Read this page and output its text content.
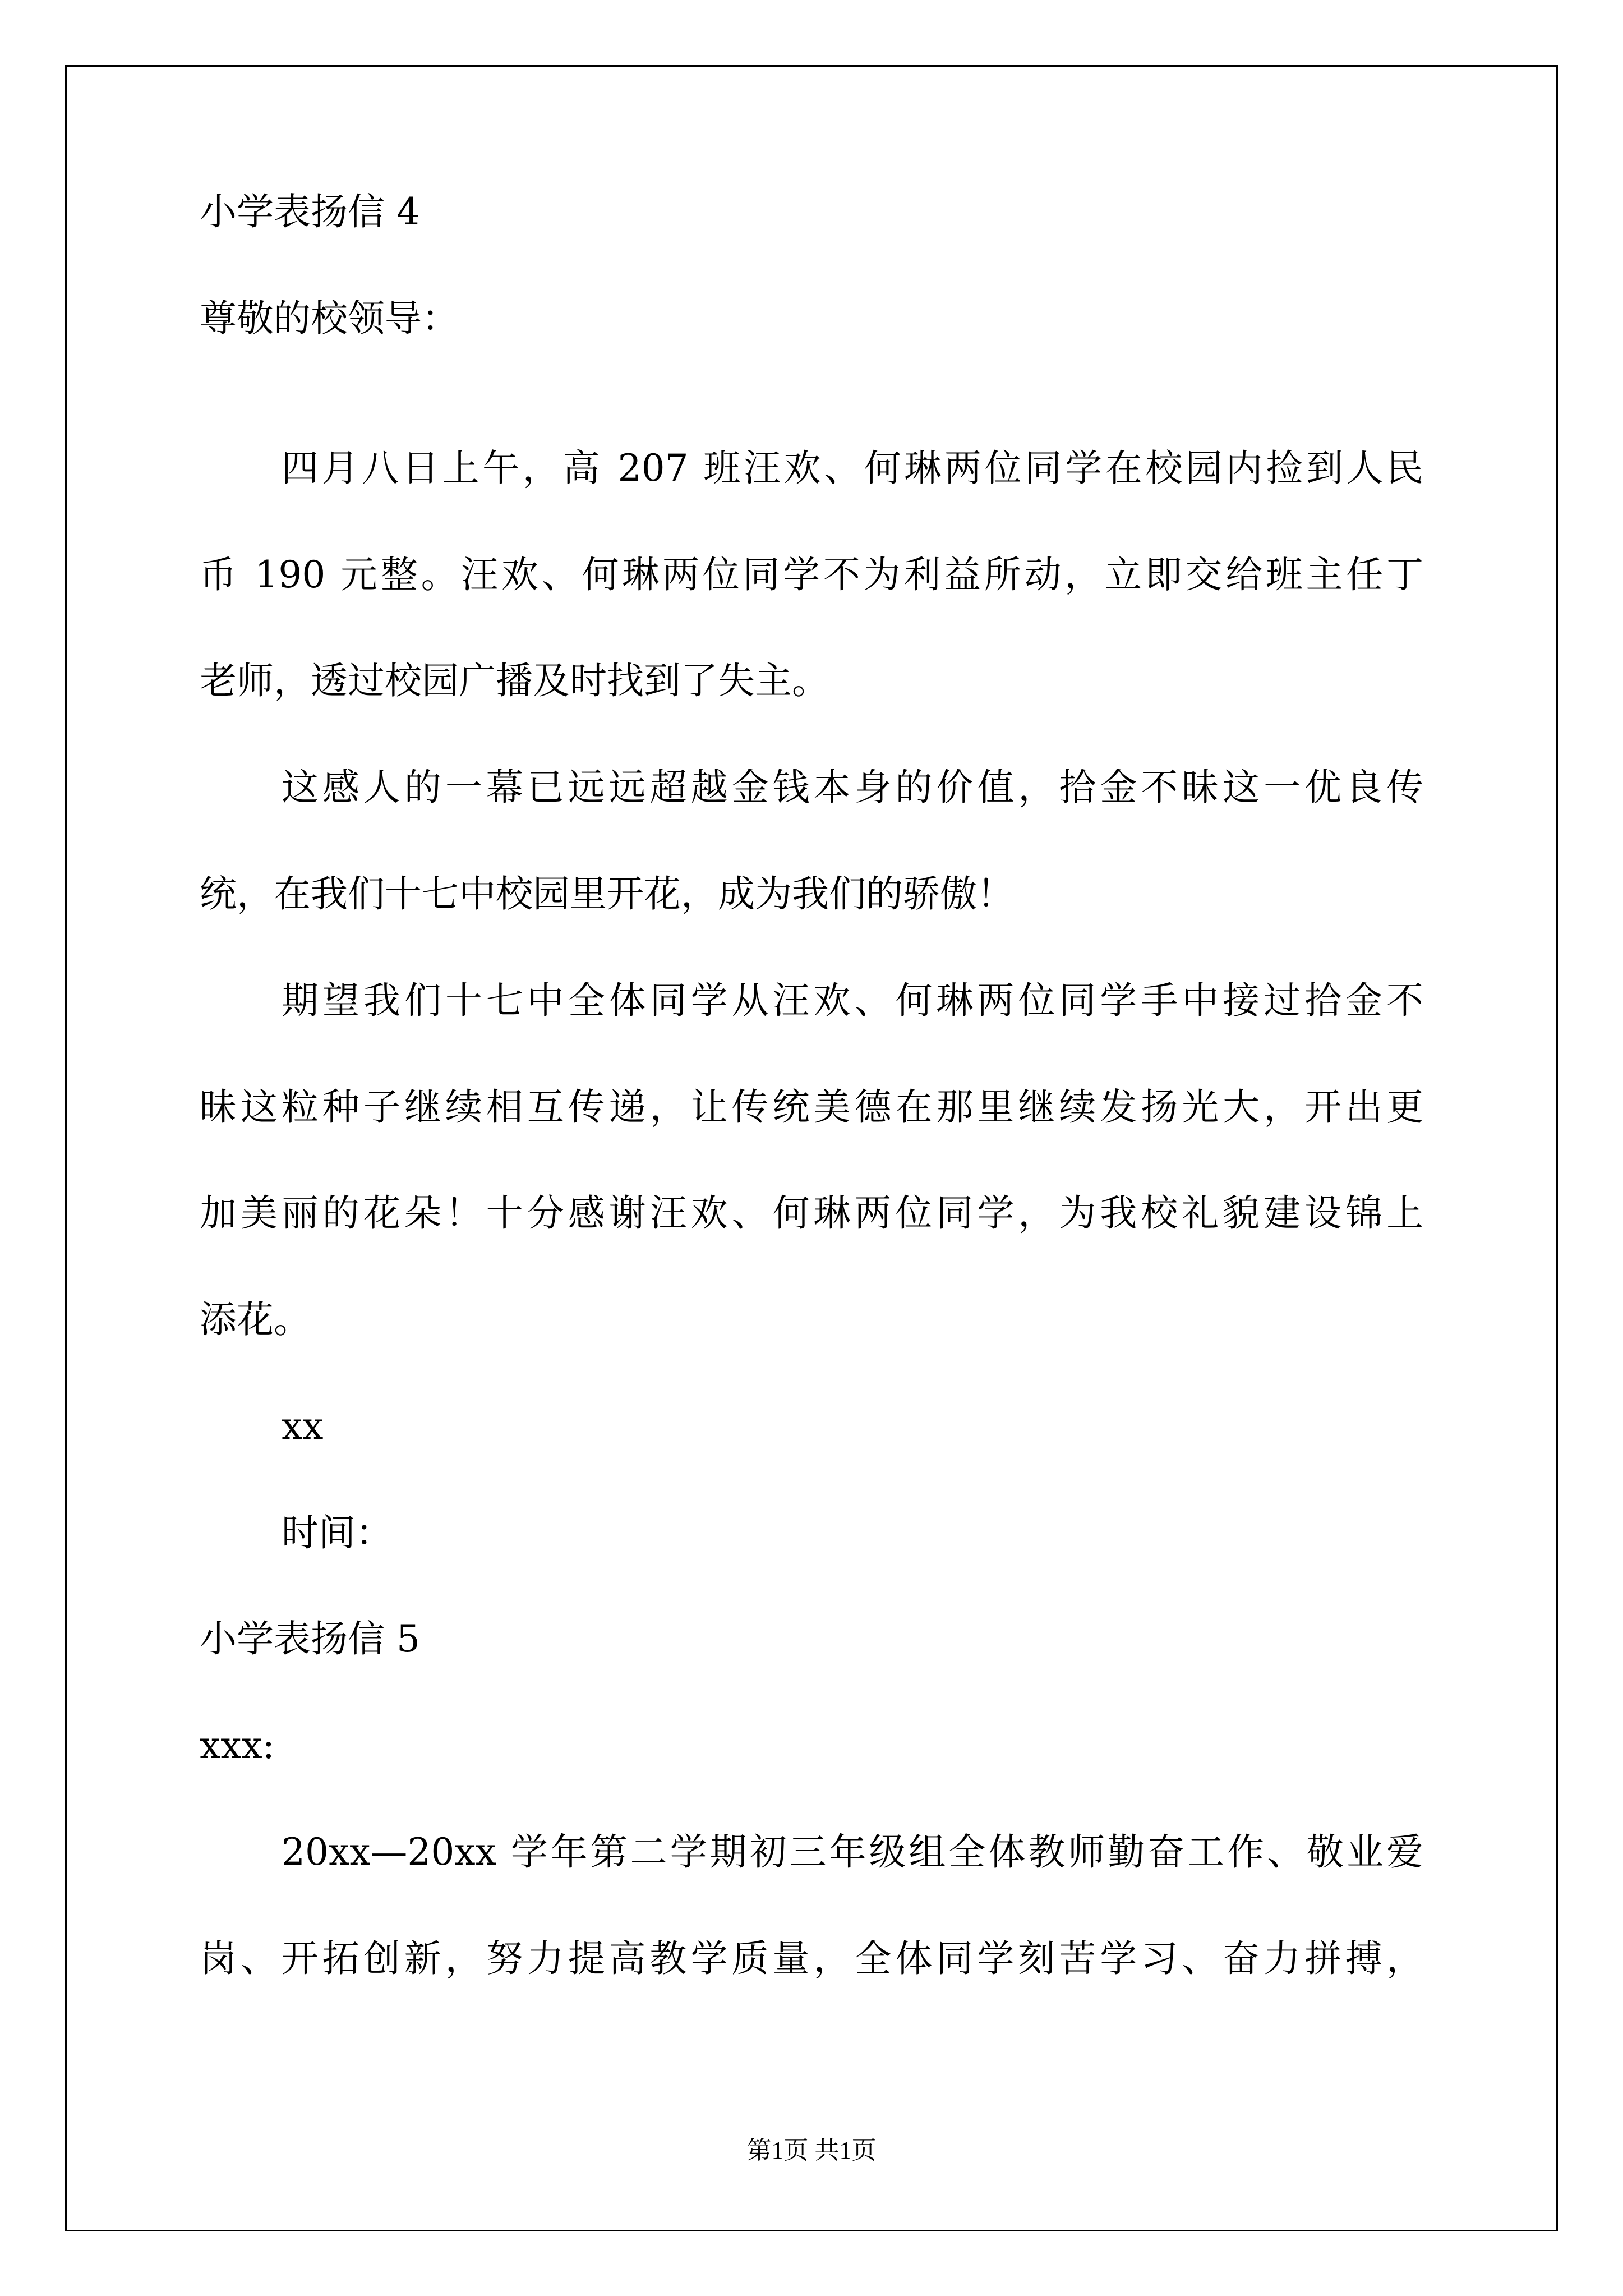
小学表扬信 4
尊敬的校领导：
四月八日上午，高 207 班汪欢、何琳两位同学在校园内捡到人民
币 190 元整。汪欢、何琳两位同学不为利益所动，立即交给班主任丁
老师，透过校园广播及时找到了失主。
这感人的一幕已远远超越金钱本身的价值，拾金不昧这一优良传
统，在我们十七中校园里开花，成为我们的骄傲！
期望我们十七中全体同学从汪欢、何琳两位同学手中接过拾金不
昧这粒种子继续相互传递，让传统美德在那里继续发扬光大，开出更
加美丽的花朵！十分感谢汪欢、何琳两位同学，为我校礼貌建设锦上
添花。
xx
时间：
小学表扬信 5
xxx:
20xx—20xx 学年第二学期初三年级组全体教师勤奋工作、敬业爱
岗、开拓创新，努力提高教学质量，全体同学刻苦学习、奋力拼搏，
第1页 共1页
